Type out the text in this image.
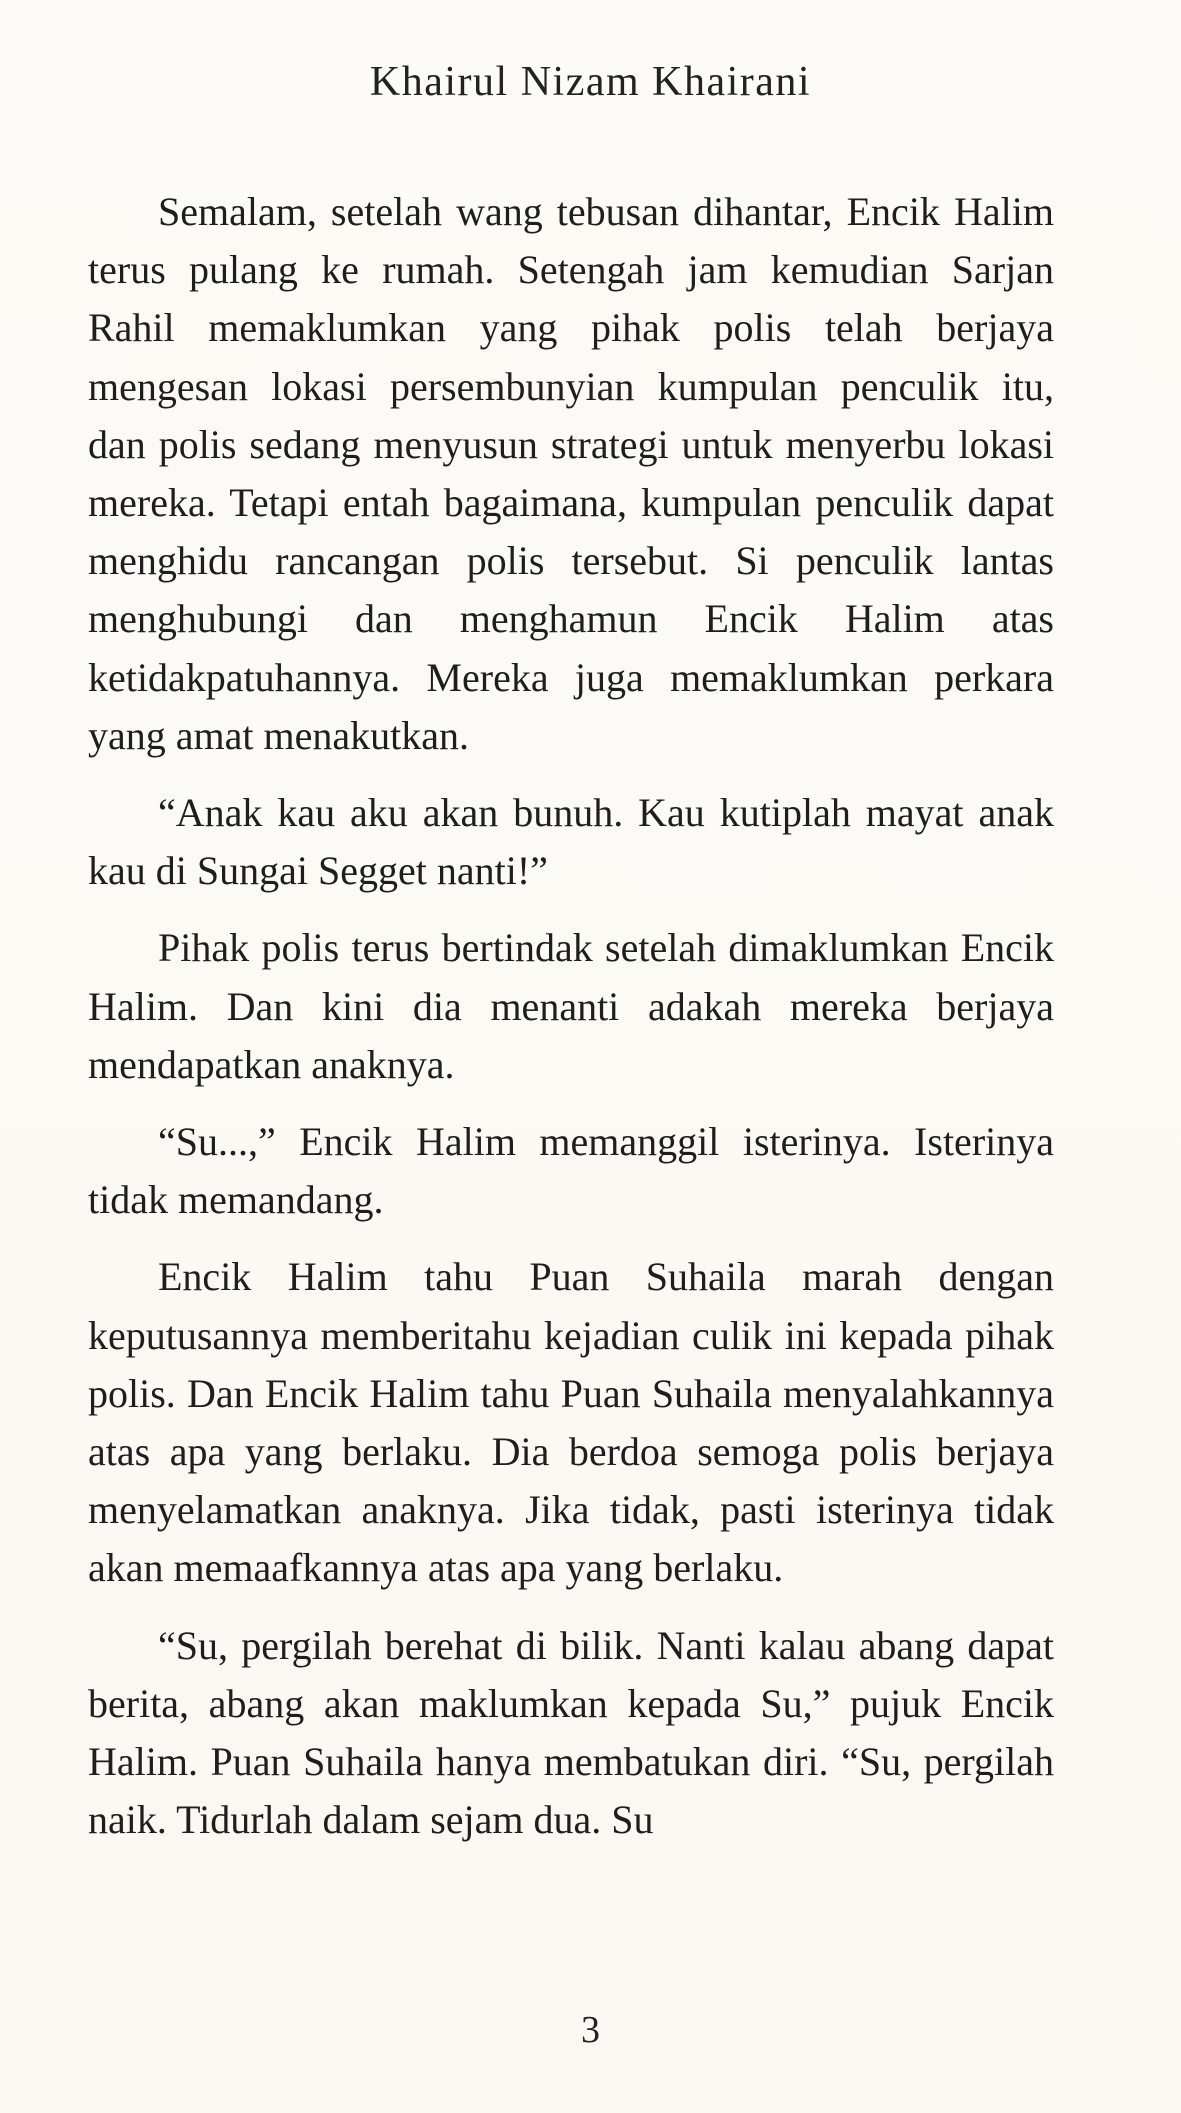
Khairul Nizam Khairani

Semalam, setelah wang tebusan dihantar, Encik Halim terus pulang ke rumah. Setengah jam kemudian Sarjan Rahil memaklumkan yang pihak polis telah berjaya mengesan lokasi persembunyian kumpulan penculik itu, dan polis sedang menyusun strategi untuk menyerbu lokasi mereka. Tetapi entah bagaimana, kumpulan penculik dapat menghidu rancangan polis tersebut. Si penculik lantas menghubungi dan menghamun Encik Halim atas ketidakpatuhannya. Mereka juga memaklumkan perkara yang amat menakutkan.

“Anak kau aku akan bunuh. Kau kutiplah mayat anak kau di Sungai Segget nanti!”

Pihak polis terus bertindak setelah dimaklumkan Encik Halim. Dan kini dia menanti adakah mereka berjaya mendapatkan anaknya.

“Su...,” Encik Halim memanggil isterinya. Isterinya tidak memandang.

Encik Halim tahu Puan Suhaila marah dengan keputusannya memberitahu kejadian culik ini kepada pihak polis. Dan Encik Halim tahu Puan Suhaila menyalahkannya atas apa yang berlaku. Dia berdoa semoga polis berjaya menyelamatkan anaknya. Jika tidak, pasti isterinya tidak akan memaafkannya atas apa yang berlaku.

“Su, pergilah berehat di bilik. Nanti kalau abang dapat berita, abang akan maklumkan kepada Su,” pujuk Encik Halim. Puan Suhaila hanya membatukan diri. “Su, pergilah naik. Tidurlah dalam sejam dua. Su

3
